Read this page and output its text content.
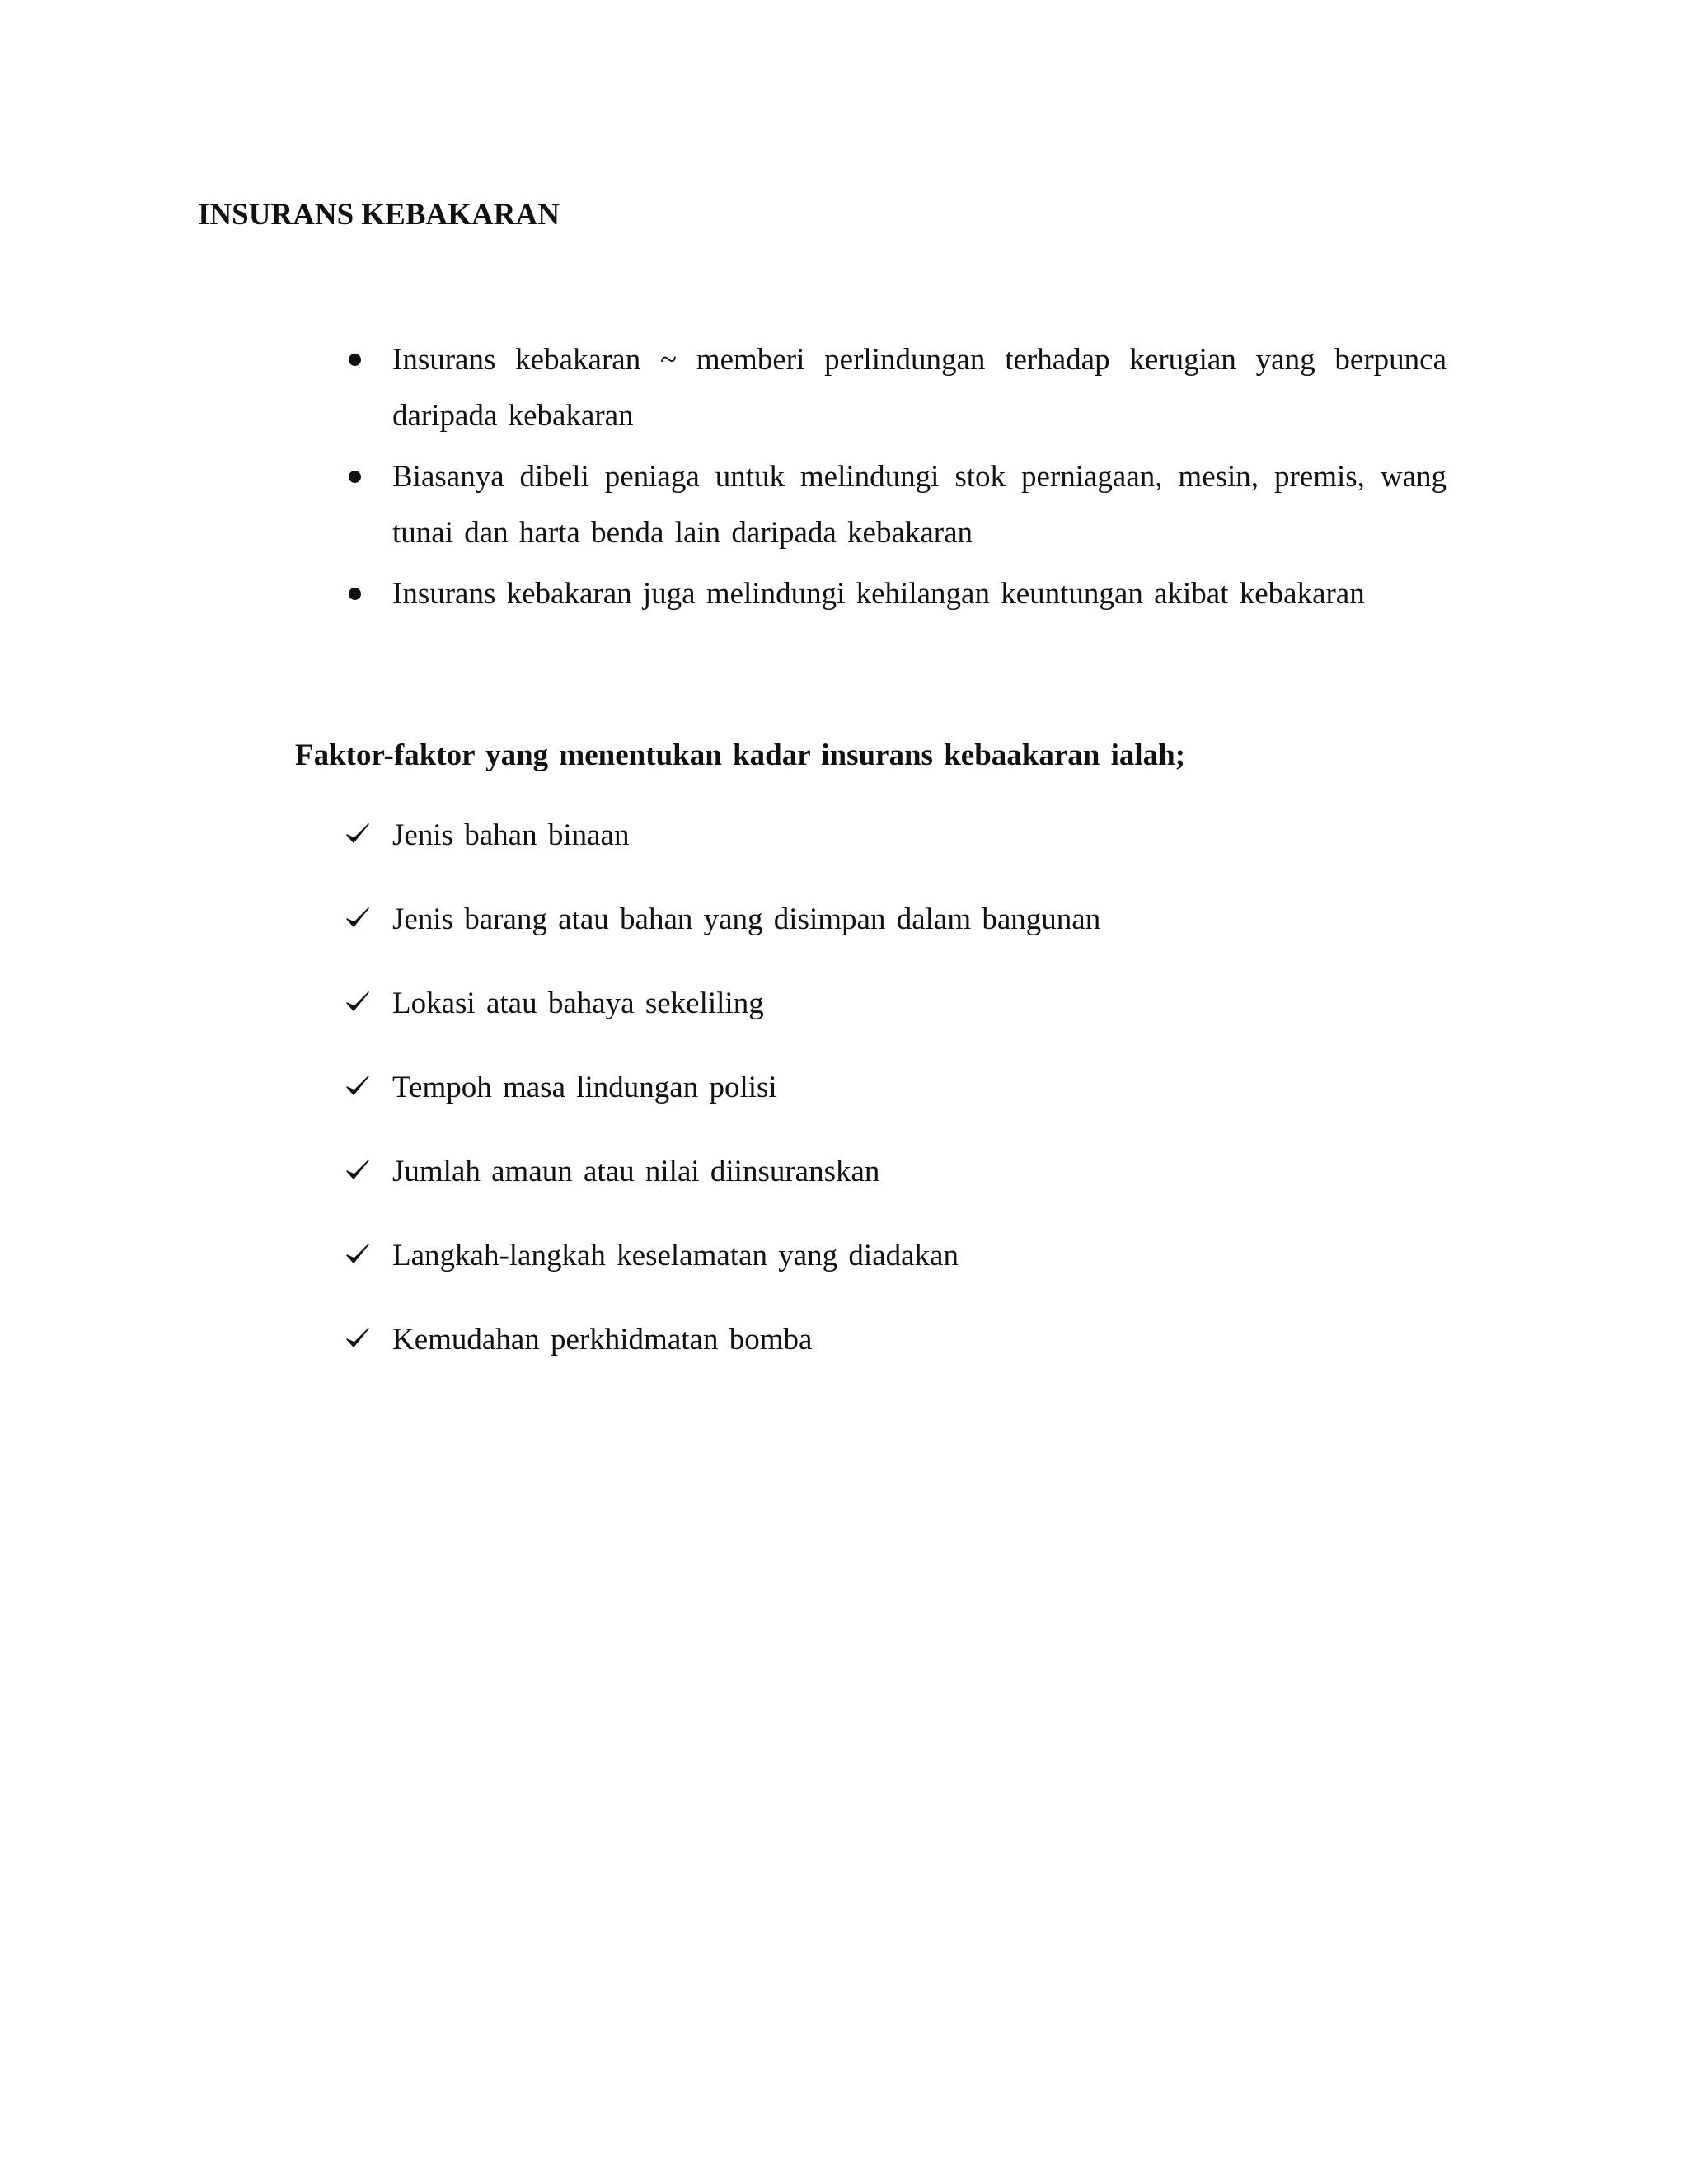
INSURANS KEBAKARAN
Insurans kebakaran ~ memberi perlindungan terhadap kerugian yang berpunca daripada kebakaran
Biasanya dibeli peniaga untuk melindungi stok perniagaan, mesin, premis, wang tunai dan harta benda lain daripada kebakaran
Insurans kebakaran juga melindungi kehilangan keuntungan akibat kebakaran
Faktor-faktor yang menentukan kadar insurans kebaakaran ialah;
Jenis bahan binaan
Jenis barang atau bahan yang disimpan dalam bangunan
Lokasi atau bahaya sekeliling
Tempoh masa lindungan polisi
Jumlah amaun atau nilai diinsuranskan
Langkah-langkah keselamatan yang diadakan
Kemudahan perkhidmatan bomba
